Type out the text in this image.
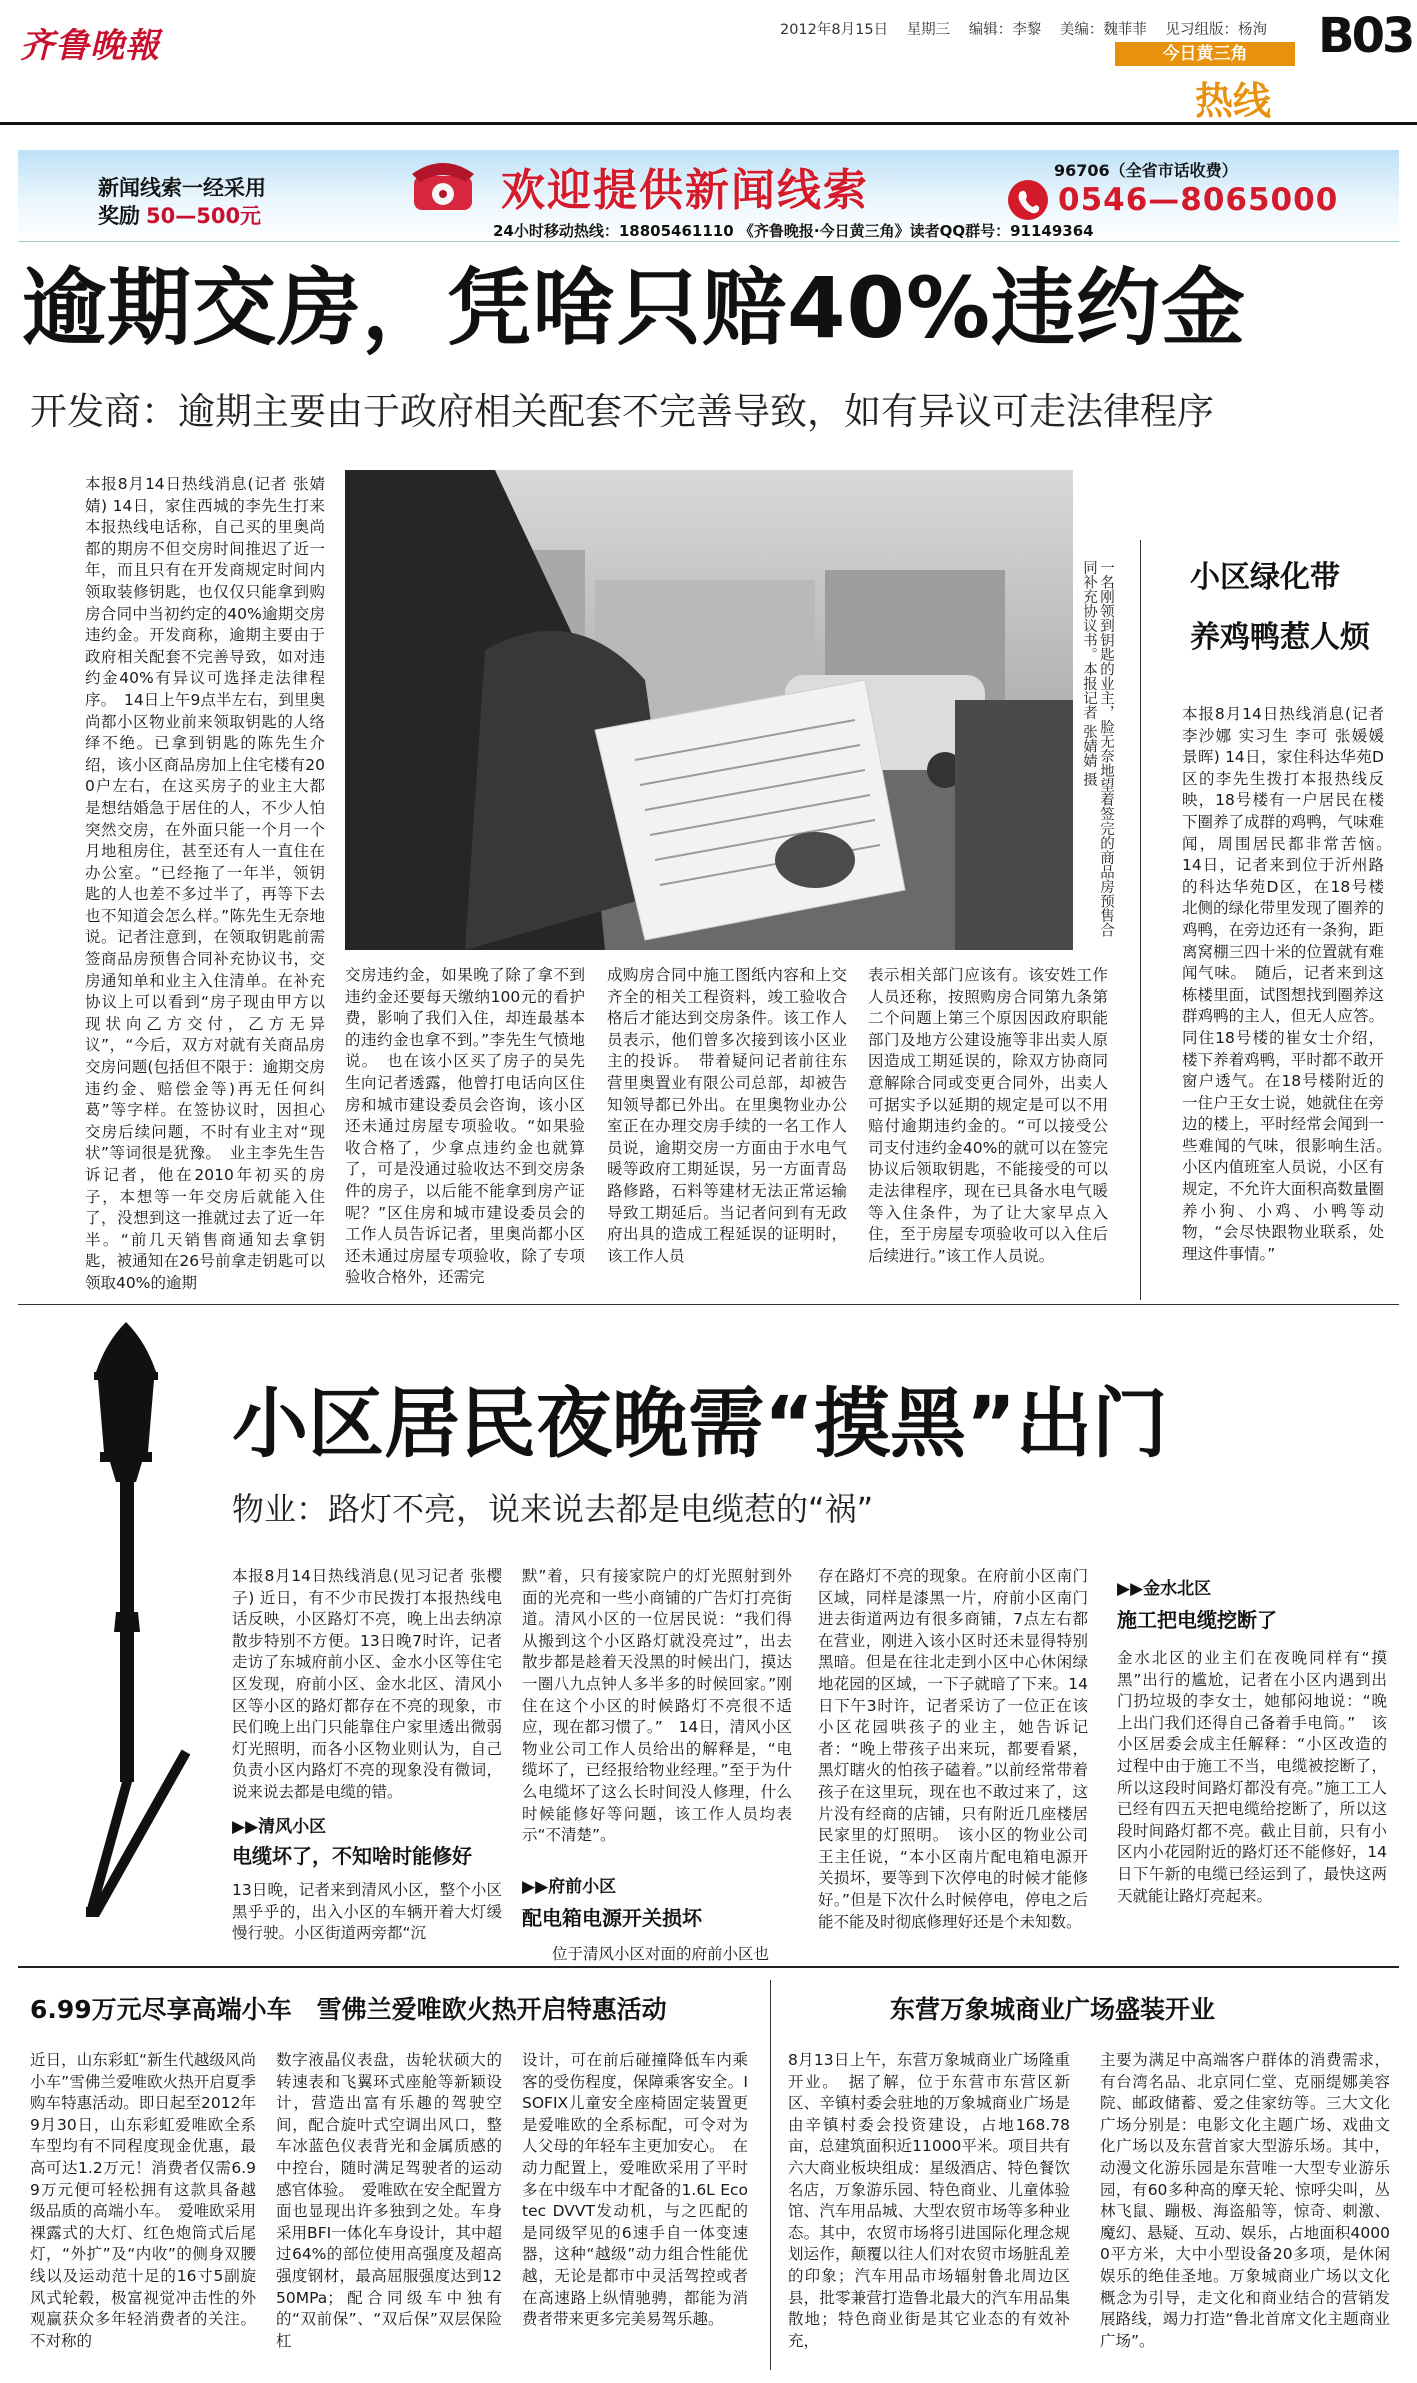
齐鲁晚報	2012年8月15日 星期三 编辑：李黎 美编：魏菲菲 见习组版：杨洵 B03
今日黄三角
热线
新闻线索一经采用
奖励 50—500元	欢迎提供新闻线索
24小时移动热线：18805461110 《齐鲁晚报·今日黄三角》读者QQ群号：91149364
96706（全省市话收费）
0546—8065000
逾期交房，凭啥只赔40%违约金
开发商：逾期主要由于政府相关配套不完善导致，如有异议可走法律程序
本报8月14日热线消息(记者 张婧婧) 14日，家住西城的李先生打来本报热线电话称，自己买的里奥尚都的期房不但交房时间推迟了近一年，而且只有在开发商规定时间内领取装修钥匙，也仅仅只能拿到购房合同中当初约定的40%逾期交房违约金。开发商称，逾期主要由于政府相关配套不完善导致，如对违约金40%有异议可选择走法律程序。　14日上午9点半左右，到里奥尚都小区物业前来领取钥匙的人络绎不绝。已拿到钥匙的陈先生介绍，该小区商品房加上住宅楼有200户左右，在这买房子的业主大都是想结婚急于居住的人，不少人怕突然交房，在外面只能一个月一个月地租房住，甚至还有人一直住在办公室。“已经拖了一年半，领钥匙的人也差不多过半了，再等下去也不知道会怎么样。”陈先生无奈地说。记者注意到，在领取钥匙前需签商品房预售合同补充协议书，交房通知单和业主入住清单。在补充协议上可以看到“房子现由甲方以现状向乙方交付，乙方无异议”，“今后，双方对就有关商品房交房问题(包括但不限于：逾期交房违约金、赔偿金等)再无任何纠葛”等字样。在签协议时，因担心交房后续问题，不时有业主对“现状”等词很是犹豫。　业主李先生告诉记者，他在2010年初买的房子，本想等一年交房后就能入住了，没想到这一推就过去了近一年半。“前几天销售商通知去拿钥匙，被通知在26号前拿走钥匙可以领取40%的逾期
一名刚领到钥匙的业主，脸无奈地望着签完的商品房预售合同补充协议书。本报记者 张婧婧 摄
交房违约金，如果晚了除了拿不到违约金还要每天缴纳100元的看护费，影响了我们入住，却连最基本的违约金也拿不到。”李先生气愤地说。　也在该小区买了房子的吴先生向记者透露，他曾打电话向区住房和城市建设委员会咨询，该小区还未通过房屋专项验收。“如果验收合格了，少拿点违约金也就算了，可是没通过验收达不到交房条件的房子，以后能不能拿到房产证呢？”区住房和城市建设委员会的工作人员告诉记者，里奥尚都小区还未通过房屋专项验收，除了专项验收合格外，还需完
成购房合同中施工图纸内容和上交齐全的相关工程资料，竣工验收合格后才能达到交房条件。该工作人员表示，他们曾多次接到该小区业主的投诉。　带着疑问记者前往东营里奥置业有限公司总部，却被告知领导都已外出。在里奥物业办公室正在办理交房手续的一名工作人员说，逾期交房一方面由于水电气暖等政府工期延误，另一方面青岛路修路，石料等建材无法正常运输导致工期延后。当记者问到有无政府出具的造成工程延误的证明时，该工作人员
表示相关部门应该有。该安姓工作人员还称，按照购房合同第九条第二个问题上第三个原因因政府职能部门及地方公建设施等非出卖人原因造成工期延误的，除双方协商同意解除合同或变更合同外，出卖人可据实予以延期的规定是可以不用赔付逾期违约金的。“可以接受公司支付违约金40%的就可以在签完协议后领取钥匙，不能接受的可以走法律程序，现在已具备水电气暖等入住条件，为了让大家早点入住，至于房屋专项验收可以入住后后续进行。”该工作人员说。
小区绿化带
养鸡鸭惹人烦
本报8月14日热线消息(记者 李沙娜 实习生 李可 张媛媛 景晖) 14日，家住科达华苑D区的李先生拨打本报热线反映，18号楼有一户居民在楼下圈养了成群的鸡鸭，气味难闻，周围居民都非常苦恼。　14日，记者来到位于沂州路的科达华苑D区，在18号楼北侧的绿化带里发现了圈养的鸡鸭，在旁边还有一条狗，距离窝棚三四十米的位置就有难闻气味。　随后，记者来到这栋楼里面，试图想找到圈养这群鸡鸭的主人，但无人应答。同住18号楼的崔女士介绍，楼下养着鸡鸭，平时都不敢开窗户透气。在18号楼附近的一住户王女士说，她就住在旁边的楼上，平时经常会闻到一些难闻的气味，很影响生活。　小区内值班室人员说，小区有规定，不允许大面积高数量圈养小狗、小鸡、小鸭等动物，“会尽快跟物业联系，处理这件事情。”
小区居民夜晚需“摸黑”出门
物业：路灯不亮，说来说去都是电缆惹的“祸”
本报8月14日热线消息(见习记者 张樱子) 近日，有不少市民拨打本报热线电话反映，小区路灯不亮，晚上出去纳凉散步特别不方便。13日晚7时许，记者走访了东城府前小区、金水小区等住宅区发现，府前小区、金水北区、清风小区等小区的路灯都存在不亮的现象，市民们晚上出门只能靠住户家里透出微弱灯光照明，而各小区物业则认为，自己负责小区内路灯不亮的现象没有微词，说来说去都是电缆的错。
▶▶清风小区
电缆坏了，不知啥时能修好
13日晚，记者来到清风小区，整个小区黑乎乎的，出入小区的车辆开着大灯缓慢行驶。小区街道两旁都“沉
默”着，只有接家院户的灯光照射到外面的光亮和一些小商铺的广告灯打亮街道。清风小区的一位居民说：“我们得从搬到这个小区路灯就没亮过”，出去散步都是趁着天没黑的时候出门，摸达一圈八九点钟人多半多的时候回家。”刚住在这个小区的时候路灯不亮很不适应，现在都习惯了。”　14日，清风小区物业公司工作人员给出的解释是，“电缆坏了，已经报给物业经理。”至于为什么电缆坏了这么长时间没人修理，什么时候能修好等问题，该工作人员均表示“不清楚”。
▶▶府前小区
配电箱电源开关损坏
位于清风小区对面的府前小区也
存在路灯不亮的现象。在府前小区南门区域，同样是漆黑一片，府前小区南门进去街道两边有很多商铺，7点左右都在营业，刚进入该小区时还未显得特别黑暗。但是在往北走到小区中心休闲绿地花园的区域，一下子就暗了下来。14日下午3时许，记者采访了一位正在该小区花园哄孩子的业主，她告诉记者：“晚上带孩子出来玩，都要看紧，黑灯瞎火的怕孩子磕着。”以前经常带着孩子在这里玩，现在也不敢过来了，这片没有经商的店铺，只有附近几座楼居民家里的灯照明。　该小区的物业公司王主任说，“本小区南片配电箱电源开关损坏，要等到下次停电的时候才能修好。”但是下次什么时候停电，停电之后能不能及时彻底修理好还是个未知数。
▶▶金水北区
施工把电缆挖断了
金水北区的业主们在夜晚同样有“摸黑”出行的尴尬，记者在小区内遇到出门扔垃圾的李女士，她郁闷地说：“晚上出门我们还得自己备着手电筒。”　该小区居委会成主任解释：“小区改造的过程中由于施工不当，电缆被挖断了，所以这段时间路灯都没有亮。”施工工人已经有四五天把电缆给挖断了，所以这段时间路灯都不亮。截止目前，只有小区内小花园附近的路灯还不能修好，14日下午新的电缆已经运到了，最快这两天就能让路灯亮起来。
6.99万元尽享高端小车　雪佛兰爱唯欧火热开启特惠活动
近日，山东彩虹“新生代越级风尚小车”雪佛兰爱唯欧火热开启夏季购车特惠活动。即日起至2012年9月30日，山东彩虹爱唯欧全系车型均有不同程度现金优惠，最高可达1.2万元！消费者仅需6.99万元便可轻松拥有这款具备越级品质的高端小车。　爱唯欧采用裸露式的大灯、红色炮筒式后尾灯，“外扩”及“内收”的侧身双腰线以及运动范十足的16寸5副旋风式轮毂，极富视觉冲击性的外观赢获众多年轻消费者的关注。不对称的
数字液晶仪表盘，齿轮状硕大的转速表和飞翼环式座舱等新颖设计，营造出富有乐趣的驾驶空间，配合旋叶式空调出风口，整车冰蓝色仪表背光和金属质感的中控台，随时满足驾驶者的运动感官体验。　爱唯欧在安全配置方面也显现出许多独到之处。车身采用BFI一体化车身设计，其中超过64%的部位使用高强度及超高强度钢材，最高屈服强度达到1250MPa；配合同级车中独有的“双前保”、“双后保”双层保险杠
设计，可在前后碰撞降低车内乘客的受伤程度，保障乘客安全。ISOFIX儿童安全座椅固定装置更是爱唯欧的全系标配，可令对为人父母的年轻车主更加安心。　在动力配置上，爱唯欧采用了平时多在中级车中才配备的1.6L Ecotec DVVT发动机，与之匹配的是同级罕见的6速手自一体变速器，这种“越级”动力组合性能优越，无论是都市中灵活驾控或者在高速路上纵情驰骋，都能为消费者带来更多完美易驾乐趣。
东营万象城商业广场盛装开业
8月13日上午，东营万象城商业广场隆重开业。　据了解，位于东营市东营区新区、辛镇村委会驻地的万象城商业广场是由辛镇村委会投资建设，占地168.78亩，总建筑面积近11000平米。项目共有六大商业板块组成：星级酒店、特色餐饮名店，万象游乐园、特色商业、儿童体验馆、汽车用品城、大型农贸市场等多种业态。其中，农贸市场将引进国际化理念规划运作，颠覆以往人们对农贸市场脏乱差的印象；汽车用品市场辐射鲁北周边区县，批零兼营打造鲁北最大的汽车用品集散地；特色商业街是其它业态的有效补充，
主要为满足中高端客户群体的消费需求，有台湾名品、北京同仁堂、克丽缇娜美容院、邮政储蓄、爱之佳家纺等。三大文化广场分别是：电影文化主题广场、戏曲文化广场以及东营首家大型游乐场。其中，动漫文化游乐园是东营唯一大型专业游乐园，有60多种高的摩天轮、惊呼尖叫，丛林飞鼠、蹦极、海盗船等，惊奇、刺激、魔幻、悬疑、互动、娱乐，占地面积40000平方米，大中小型设备20多项，是休闲娱乐的绝佳圣地。万象城商业广场以文化概念为引导，走文化和商业结合的营销发展路线，竭力打造“鲁北首席文化主题商业广场”。
